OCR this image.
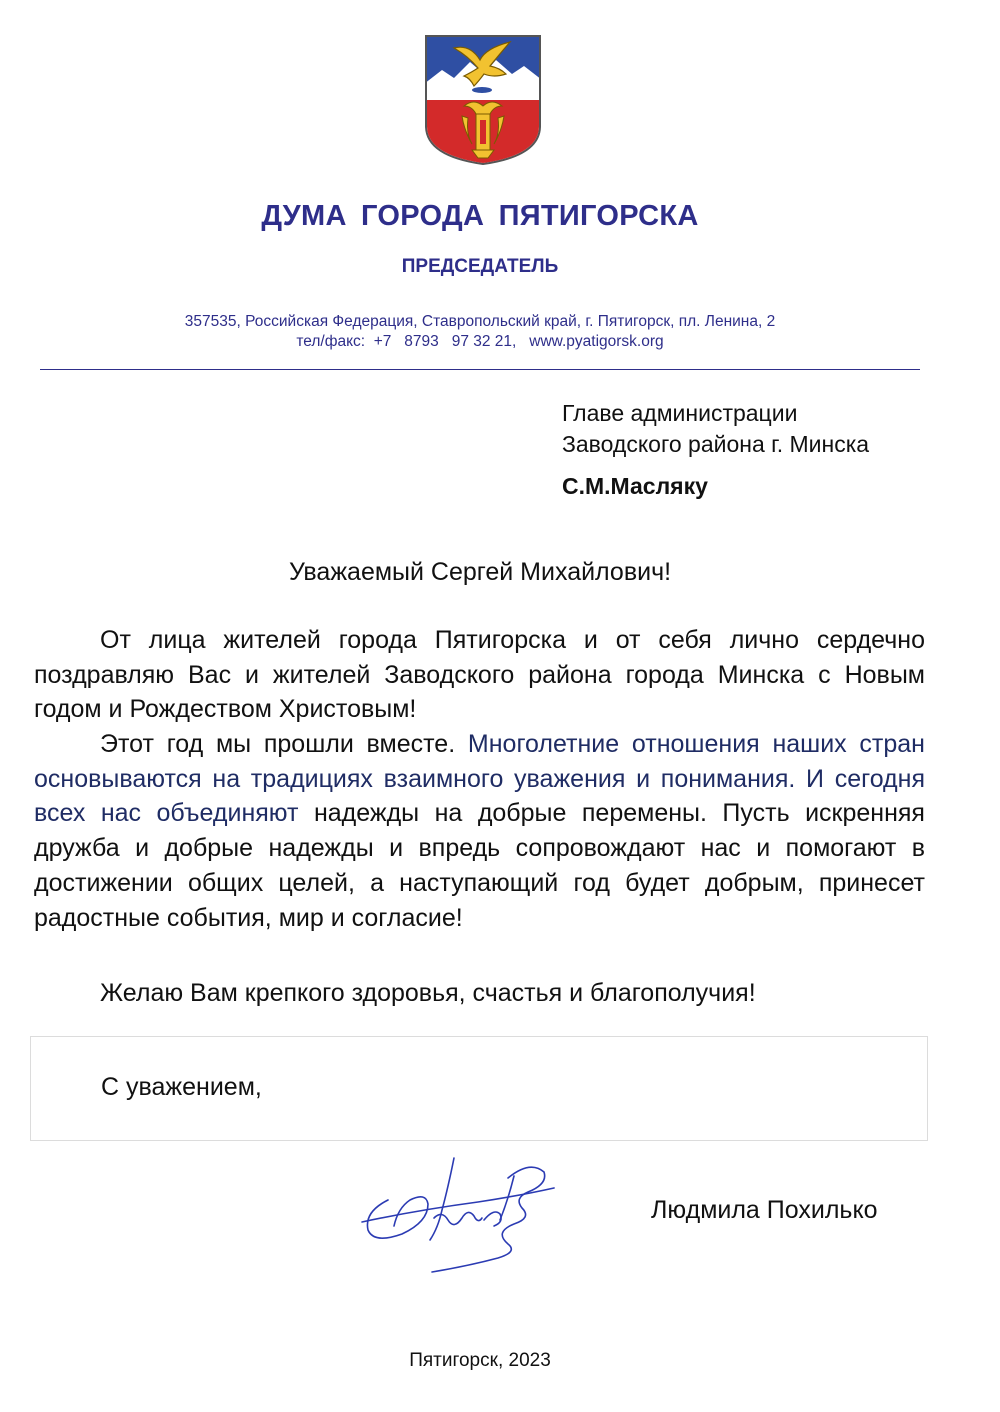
ДУМА ГОРОДА ПЯТИГОРСКА
ПРЕДСЕДАТЕЛЬ
357535, Российская Федерация, Ставропольский край, г. Пятигорск, пл. Ленина, 2
тел/факс:  +7   8793   97 32 21,   www.pyatigorsk.org
Главе администрации
Заводского района г. Минска
С.М.Масляку
Уважаемый Сергей Михайлович!

От лица жителей города Пятигорска и от себя лично сердечно поздравляю Вас и жителей Заводского района города Минска с Новым годом и Рождеством Христовым!

Этот год мы прошли вместе. Многолетние отношения наших стран основываются на традициях взаимного уважения и понимания. И сегодня всех нас объединяют надежды на добрые перемены. Пусть искренняя дружба и добрые надежды и впредь сопровождают нас и помогают в достижении общих целей, а наступающий год будет добрым, принесет радостные события, мир и согласие!

Желаю Вам крепкого здоровья, счастья и благополучия!

С уважением,
Людмила Похилько
Пятигорск, 2023
